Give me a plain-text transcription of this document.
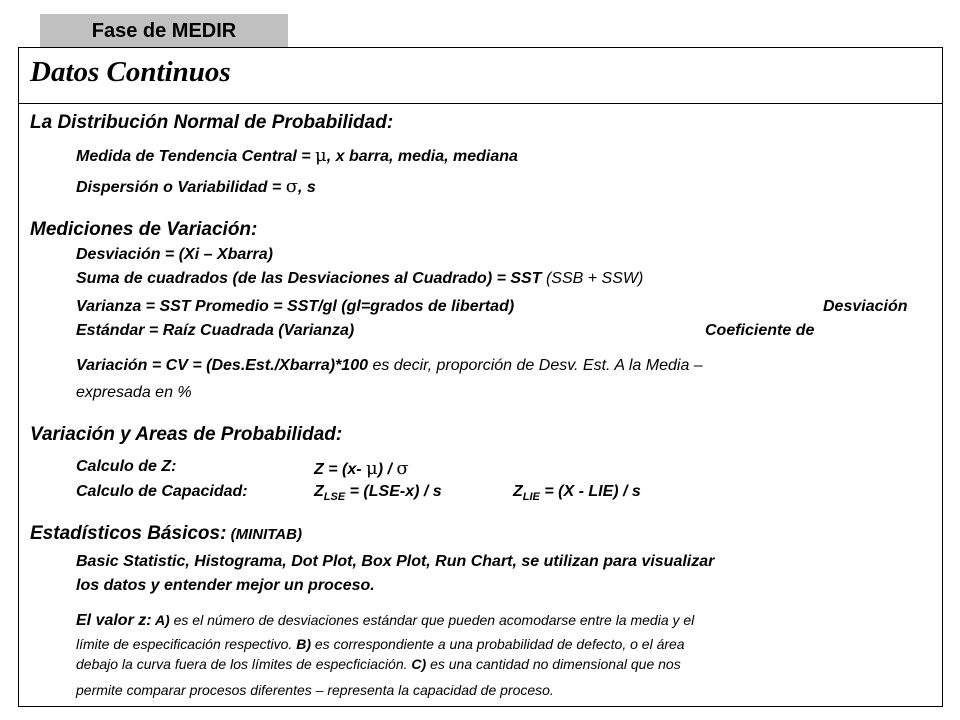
Fase de MEDIR
Datos Continuos
La Distribución Normal de Probabilidad:
Medida de Tendencia Central = μ, x barra, media, mediana
Dispersión o Variabilidad = σ, s
Mediciones de Variación:
Desviación = (Xi – Xbarra)
Suma de cuadrados (de las Desviaciones al Cuadrado) = SST (SSB + SSW)
Varianza = SST Promedio = SST/gl (gl=grados de libertad)	Desviación
Estándar = Raíz Cuadrada (Varianza)	Coeficiente de
Variación = CV = (Des.Est./Xbarra)*100 es decir, proporción de Desv. Est. A la Media –
expresada en %
Variación y Areas de Probabilidad:
Calculo de Z:	Z = (x- μ) / σ
Calculo de Capacidad:	$Z_{LSE} = (LSE-x) / s$	$Z_{LIE} = (X - LIE) / s$
Estadísticos Básicos: (MINITAB)
Basic Statistic, Histograma, Dot Plot, Box Plot, Run Chart, se utilizan para visualizar
los datos y entender mejor un proceso.
El valor z: A) es el número de desviaciones estándar que pueden acomodarse entre la media y el
límite de especificación respectivo. B) es correspondiente a una probabilidad de defecto, o el área
debajo la curva fuera de los límites de especficiación. C) es una cantidad no dimensional que nos
permite comparar procesos diferentes – representa la capacidad de proceso.
